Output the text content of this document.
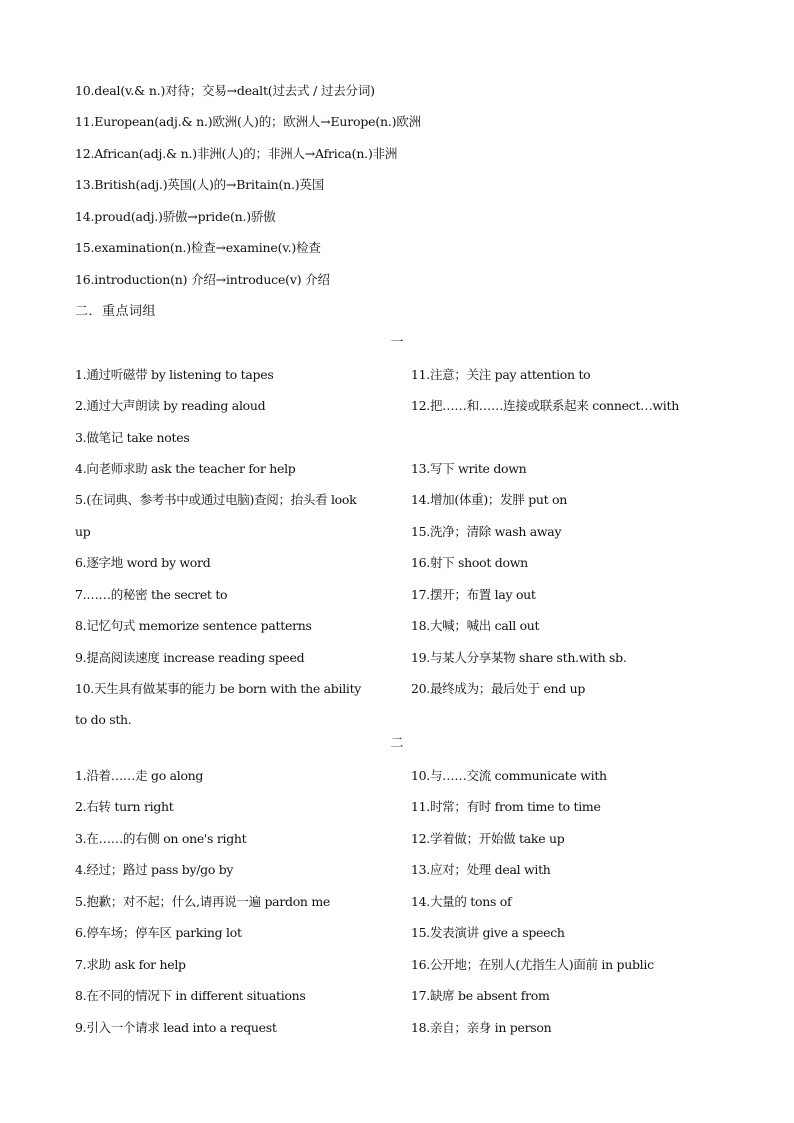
10.deal(v.& n.)对待；交易→dealt(过去式 / 过去分词)
11.European(adj.& n.)欧洲(人)的；欧洲人→Europe(n.)欧洲
12.African(adj.& n.)非洲(人)的；非洲人→Africa(n.)非洲
13.British(adj.)英国(人)的→Britain(n.)英国
14.proud(adj.)骄傲→pride(n.)骄傲
15.examination(n.)检查→examine(v.)检查
16.introduction(n) 介绍→introduce(v) 介绍
二．重点词组
一
1.通过听磁带 by listening to tapes	11.注意；关注 pay attention to
2.通过大声朗读 by reading aloud	12.把……和……连接或联系起来 connect…with
3.做笔记 take notes
4.向老师求助 ask the teacher for help	13.写下 write down
5.(在词典、参考书中或通过电脑)查阅；抬头看 look	14.增加(体重)；发胖 put on
up	15.洗净；清除 wash away
6.逐字地 word by word	16.射下 shoot down
7.……的秘密 the secret to	17.摆开；布置 lay out
8.记忆句式 memorize sentence patterns	18.大喊；喊出 call out
9.提高阅读速度 increase reading speed	19.与某人分享某物 share sth.with sb.
10.天生具有做某事的能力 be born with the ability	20.最终成为；最后处于 end up
to do sth.
二
1.沿着……走 go along	10.与……交流 communicate with
2.右转 turn right	11.时常；有时 from time to time
3.在……的右侧 on one's right	12.学着做；开始做 take up
4.经过；路过 pass by/go by	13.应对；处理 deal with
5.抱歉；对不起；什么,请再说一遍 pardon me	14.大量的 tons of
6.停车场；停车区 parking lot	15.发表演讲 give a speech
7.求助 ask for help	16.公开地；在别人(尤指生人)面前 in public
8.在不同的情况下 in different situations	17.缺席 be absent from
9.引入一个请求 lead into a request	18.亲自；亲身 in person
